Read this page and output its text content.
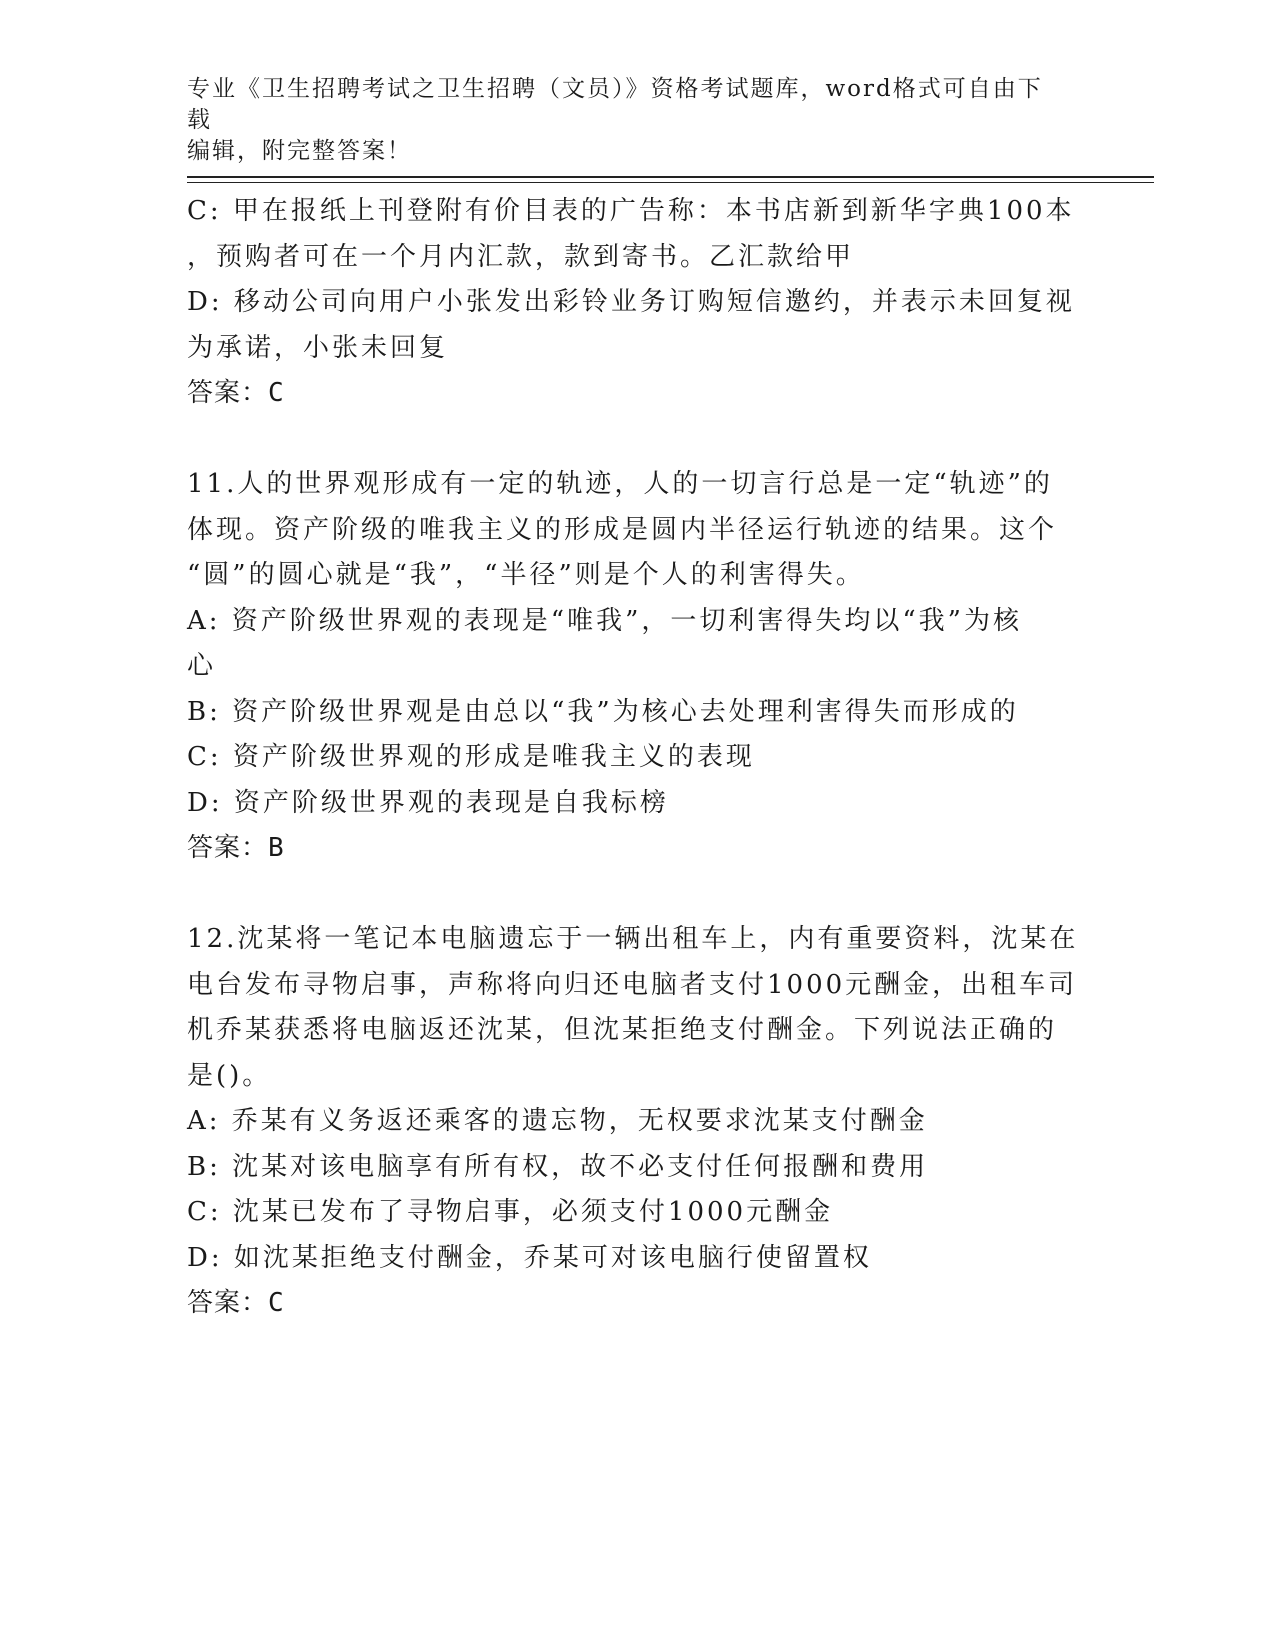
专业《卫生招聘考试之卫生招聘（文员）》资格考试题库，word格式可自由下载
编辑，附完整答案！
C: 甲在报纸上刊登附有价目表的广告称：本书店新到新华字典100本
，预购者可在一个月内汇款，款到寄书。乙汇款给甲
D: 移动公司向用户小张发出彩铃业务订购短信邀约，并表示未回复视
为承诺，小张未回复
答案：C
11.人的世界观形成有一定的轨迹，人的一切言行总是一定“轨迹”的
体现。资产阶级的唯我主义的形成是圆内半径运行轨迹的结果。这个
“圆”的圆心就是“我”，“半径”则是个人的利害得失。
A: 资产阶级世界观的表现是“唯我”，一切利害得失均以“我”为核
心
B: 资产阶级世界观是由总以“我”为核心去处理利害得失而形成的
C: 资产阶级世界观的形成是唯我主义的表现
D: 资产阶级世界观的表现是自我标榜
答案：B
12.沈某将一笔记本电脑遗忘于一辆出租车上，内有重要资料，沈某在
电台发布寻物启事，声称将向归还电脑者支付1000元酬金，出租车司
机乔某获悉将电脑返还沈某，但沈某拒绝支付酬金。下列说法正确的
是()。
A: 乔某有义务返还乘客的遗忘物，无权要求沈某支付酬金
B: 沈某对该电脑享有所有权，故不必支付任何报酬和费用
C: 沈某已发布了寻物启事，必须支付1000元酬金
D: 如沈某拒绝支付酬金，乔某可对该电脑行使留置权
答案：C
